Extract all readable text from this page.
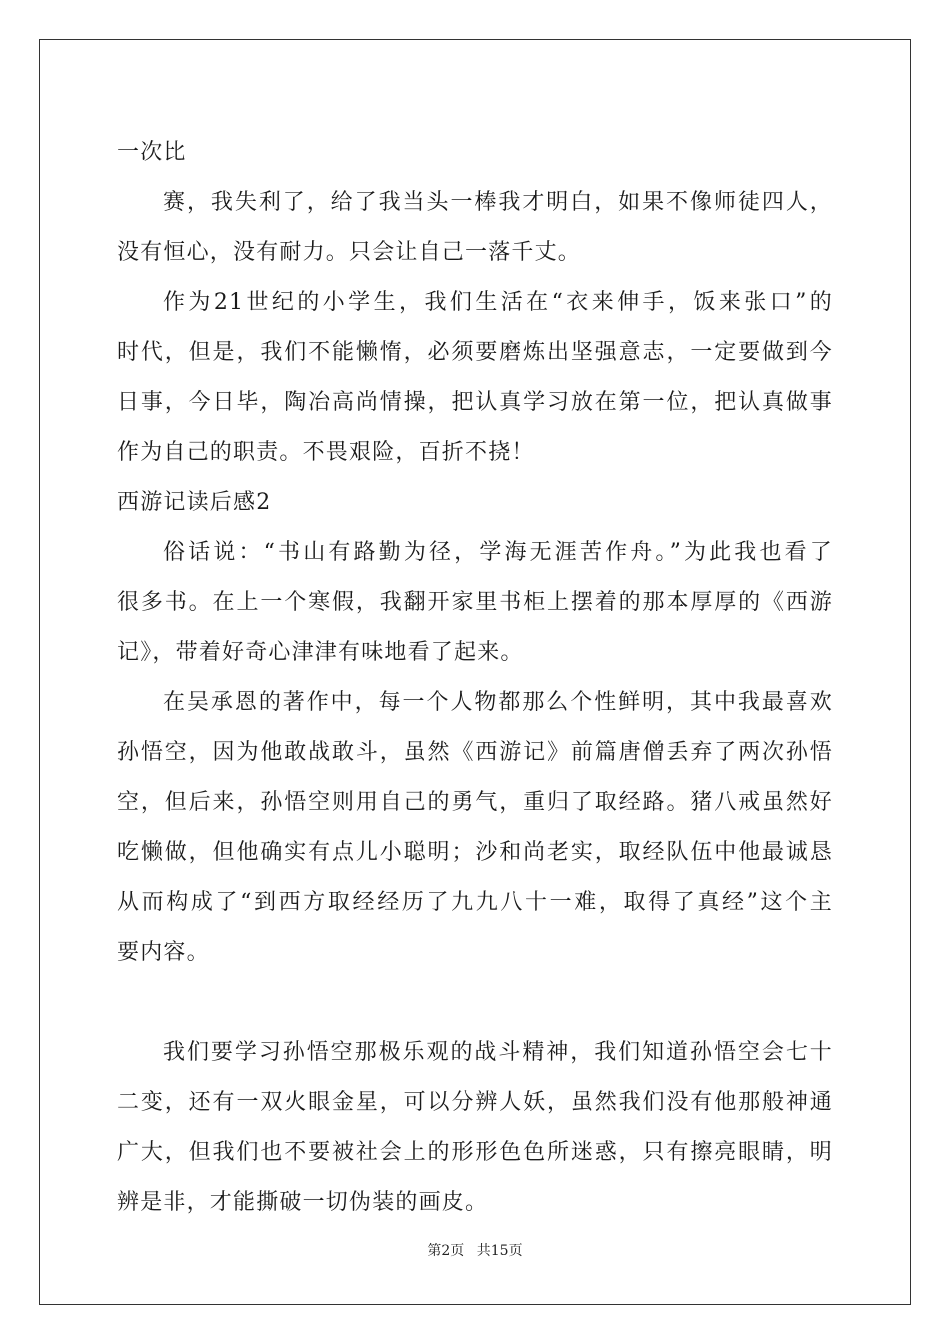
一次比
赛，我失利了，给了我当头一棒我才明白，如果不像师徒四人，
没有恒心，没有耐力。只会让自己一落千丈。
作为21世纪的小学生，我们生活在“衣来伸手，饭来张口”的
时代，但是，我们不能懒惰，必须要磨炼出坚强意志，一定要做到今
日事，今日毕，陶冶高尚情操，把认真学习放在第一位，把认真做事
作为自己的职责。不畏艰险，百折不挠！
西游记读后感2
俗话说：“书山有路勤为径，学海无涯苦作舟。”为此我也看了
很多书。在上一个寒假，我翻开家里书柜上摆着的那本厚厚的《西游
记》，带着好奇心津津有味地看了起来。
在吴承恩的著作中，每一个人物都那么个性鲜明，其中我最喜欢
孙悟空，因为他敢战敢斗，虽然《西游记》前篇唐僧丢弃了两次孙悟
空，但后来，孙悟空则用自己的勇气，重归了取经路。猪八戒虽然好
吃懒做，但他确实有点儿小聪明；沙和尚老实，取经队伍中他最诚恳
从而构成了“到西方取经经历了九九八十一难，取得了真经”这个主
要内容。
我们要学习孙悟空那极乐观的战斗精神，我们知道孙悟空会七十
二变，还有一双火眼金星，可以分辨人妖，虽然我们没有他那般神通
广大，但我们也不要被社会上的形形色色所迷惑，只有擦亮眼睛，明
辨是非，才能撕破一切伪装的画皮。
第2页 共15页
